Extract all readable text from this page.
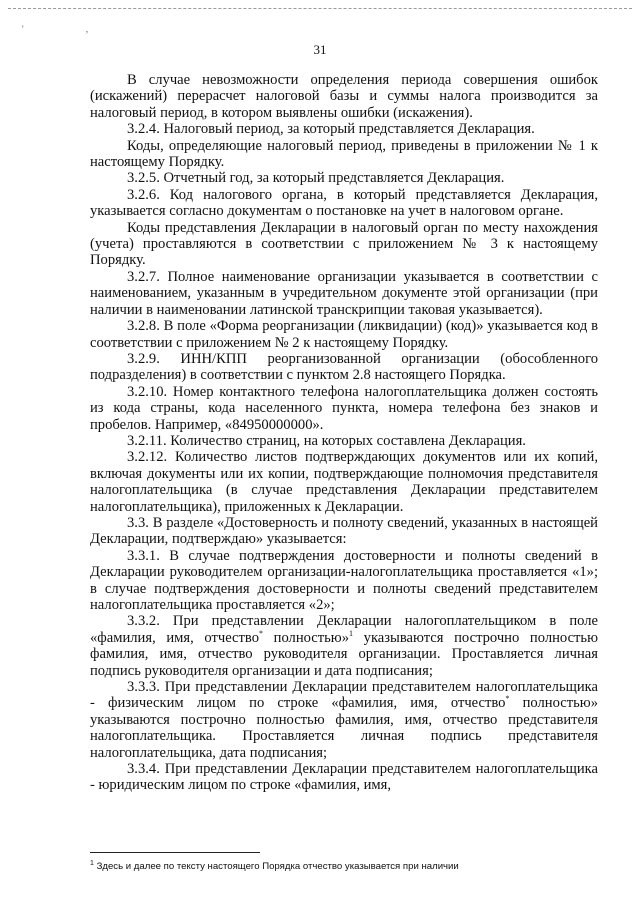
' ,
31

В случае невозможности определения периода совершения ошибок (искажений) перерасчет налоговой базы и суммы налога производится за налоговый период, в котором выявлены ошибки (искажения).

3.2.4. Налоговый период, за который представляется Декларация.

Коды, определяющие налоговый период, приведены в приложении № 1 к настоящему Порядку.

3.2.5. Отчетный год, за который представляется Декларация.

3.2.6. Код налогового органа, в который представляется Декларация, указывается согласно документам о постановке на учет в налоговом органе.

Коды представления Декларации в налоговый орган по месту нахождения (учета) проставляются в соответствии с приложением № 3 к настоящему Порядку.

3.2.7. Полное наименование организации указывается в соответствии с наименованием, указанным в учредительном документе этой организации (при наличии в наименовании латинской транскрипции таковая указывается).

3.2.8. В поле «Форма реорганизации (ликвидации) (код)» указывается код в соответствии с приложением № 2 к настоящему Порядку.

3.2.9. ИНН/КПП реорганизованной организации (обособленного подразделения) в соответствии с пунктом 2.8 настоящего Порядка.

3.2.10. Номер контактного телефона налогоплательщика должен состоять из кода страны, кода населенного пункта, номера телефона без знаков и пробелов. Например, «84950000000».

3.2.11. Количество страниц, на которых составлена Декларация.

3.2.12. Количество листов подтверждающих документов или их копий, включая документы или их копии, подтверждающие полномочия представителя налогоплательщика (в случае представления Декларации представителем налогоплательщика), приложенных к Декларации.

3.3. В разделе «Достоверность и полноту сведений, указанных в настоящей Декларации, подтверждаю» указывается:

3.3.1. В случае подтверждения достоверности и полноты сведений в Декларации руководителем организации-налогоплательщика проставляется «1»; в случае подтверждения достоверности и полноты сведений представителем налогоплательщика проставляется «2»;

3.3.2. При представлении Декларации налогоплательщиком в поле «фамилия, имя, отчество* полностью»$^1$ указываются построчно полностью фамилия, имя, отчество руководителя организации. Проставляется личная подпись руководителя организации и дата подписания;

3.3.3. При представлении Декларации представителем налогоплательщика - физическим лицом по строке «фамилия, имя, отчество* полностью» указываются построчно полностью фамилия, имя, отчество представителя налогоплательщика. Проставляется личная подпись представителя налогоплательщика, дата подписания;

3.3.4. При представлении Декларации представителем налогоплательщика - юридическим лицом по строке «фамилия, имя,

$^1$ Здесь и далее по тексту настоящего Порядка отчество указывается при наличии
